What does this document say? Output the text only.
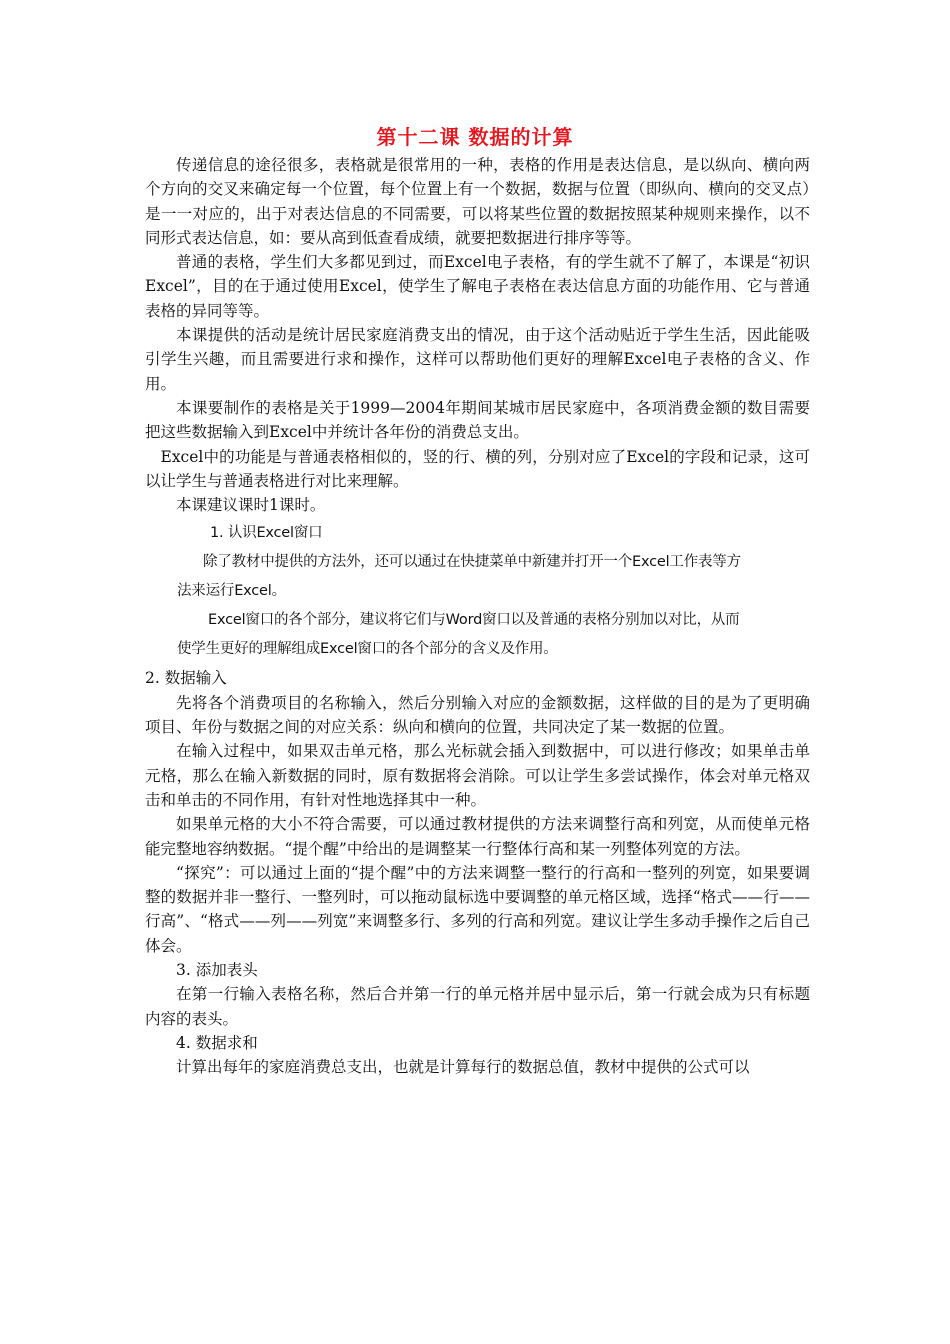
第十二课 数据的计算

传递信息的途径很多，表格就是很常用的一种，表格的作用是表达信息，是以纵向、横向两个方向的交叉来确定每一个位置，每个位置上有一个数据，数据与位置（即纵向、横向的交叉点）是一一对应的，出于对表达信息的不同需要，可以将某些位置的数据按照某种规则来操作，以不同形式表达信息，如：要从高到低查看成绩，就要把数据进行排序等等。

普通的表格，学生们大多都见到过，而Excel电子表格，有的学生就不了解了，本课是“初识Excel”，目的在于通过使用Excel，使学生了解电子表格在表达信息方面的功能作用、它与普通表格的异同等等。

本课提供的活动是统计居民家庭消费支出的情况，由于这个活动贴近于学生生活，因此能吸引学生兴趣，而且需要进行求和操作，这样可以帮助他们更好的理解Excel电子表格的含义、作用。

本课要制作的表格是关于1999—2004年期间某城市居民家庭中，各项消费金额的数目需要把这些数据输入到Excel中并统计各年份的消费总支出。

Excel中的功能是与普通表格相似的，竖的行、横的列，分别对应了Excel的字段和记录，这可以让学生与普通表格进行对比来理解。

本课建议课时1课时。

1. 认识Excel窗口

除了教材中提供的方法外，还可以通过在快捷菜单中新建并打开一个Excel工作表等方

法来运行Excel。

Excel窗口的各个部分，建议将它们与Word窗口以及普通的表格分别加以对比，从而

使学生更好的理解组成Excel窗口的各个部分的含义及作用。

2. 数据输入

先将各个消费项目的名称输入，然后分别输入对应的金额数据，这样做的目的是为了更明确项目、年份与数据之间的对应关系：纵向和横向的位置，共同决定了某一数据的位置。

在输入过程中，如果双击单元格，那么光标就会插入到数据中，可以进行修改；如果单击单元格，那么在输入新数据的同时，原有数据将会消除。可以让学生多尝试操作，体会对单元格双击和单击的不同作用，有针对性地选择其中一种。

如果单元格的大小不符合需要，可以通过教材提供的方法来调整行高和列宽，从而使单元格能完整地容纳数据。“提个醒”中给出的是调整某一行整体行高和某一列整体列宽的方法。

“探究”：可以通过上面的“提个醒”中的方法来调整一整行的行高和一整列的列宽，如果要调整的数据并非一整行、一整列时，可以拖动鼠标选中要调整的单元格区域，选择“格式——行——行高”、“格式——列——列宽”来调整多行、多列的行高和列宽。建议让学生多动手操作之后自己体会。

3. 添加表头

在第一行输入表格名称，然后合并第一行的单元格并居中显示后，第一行就会成为只有标题内容的表头。

4. 数据求和

计算出每年的家庭消费总支出，也就是计算每行的数据总值，教材中提供的公式可以
